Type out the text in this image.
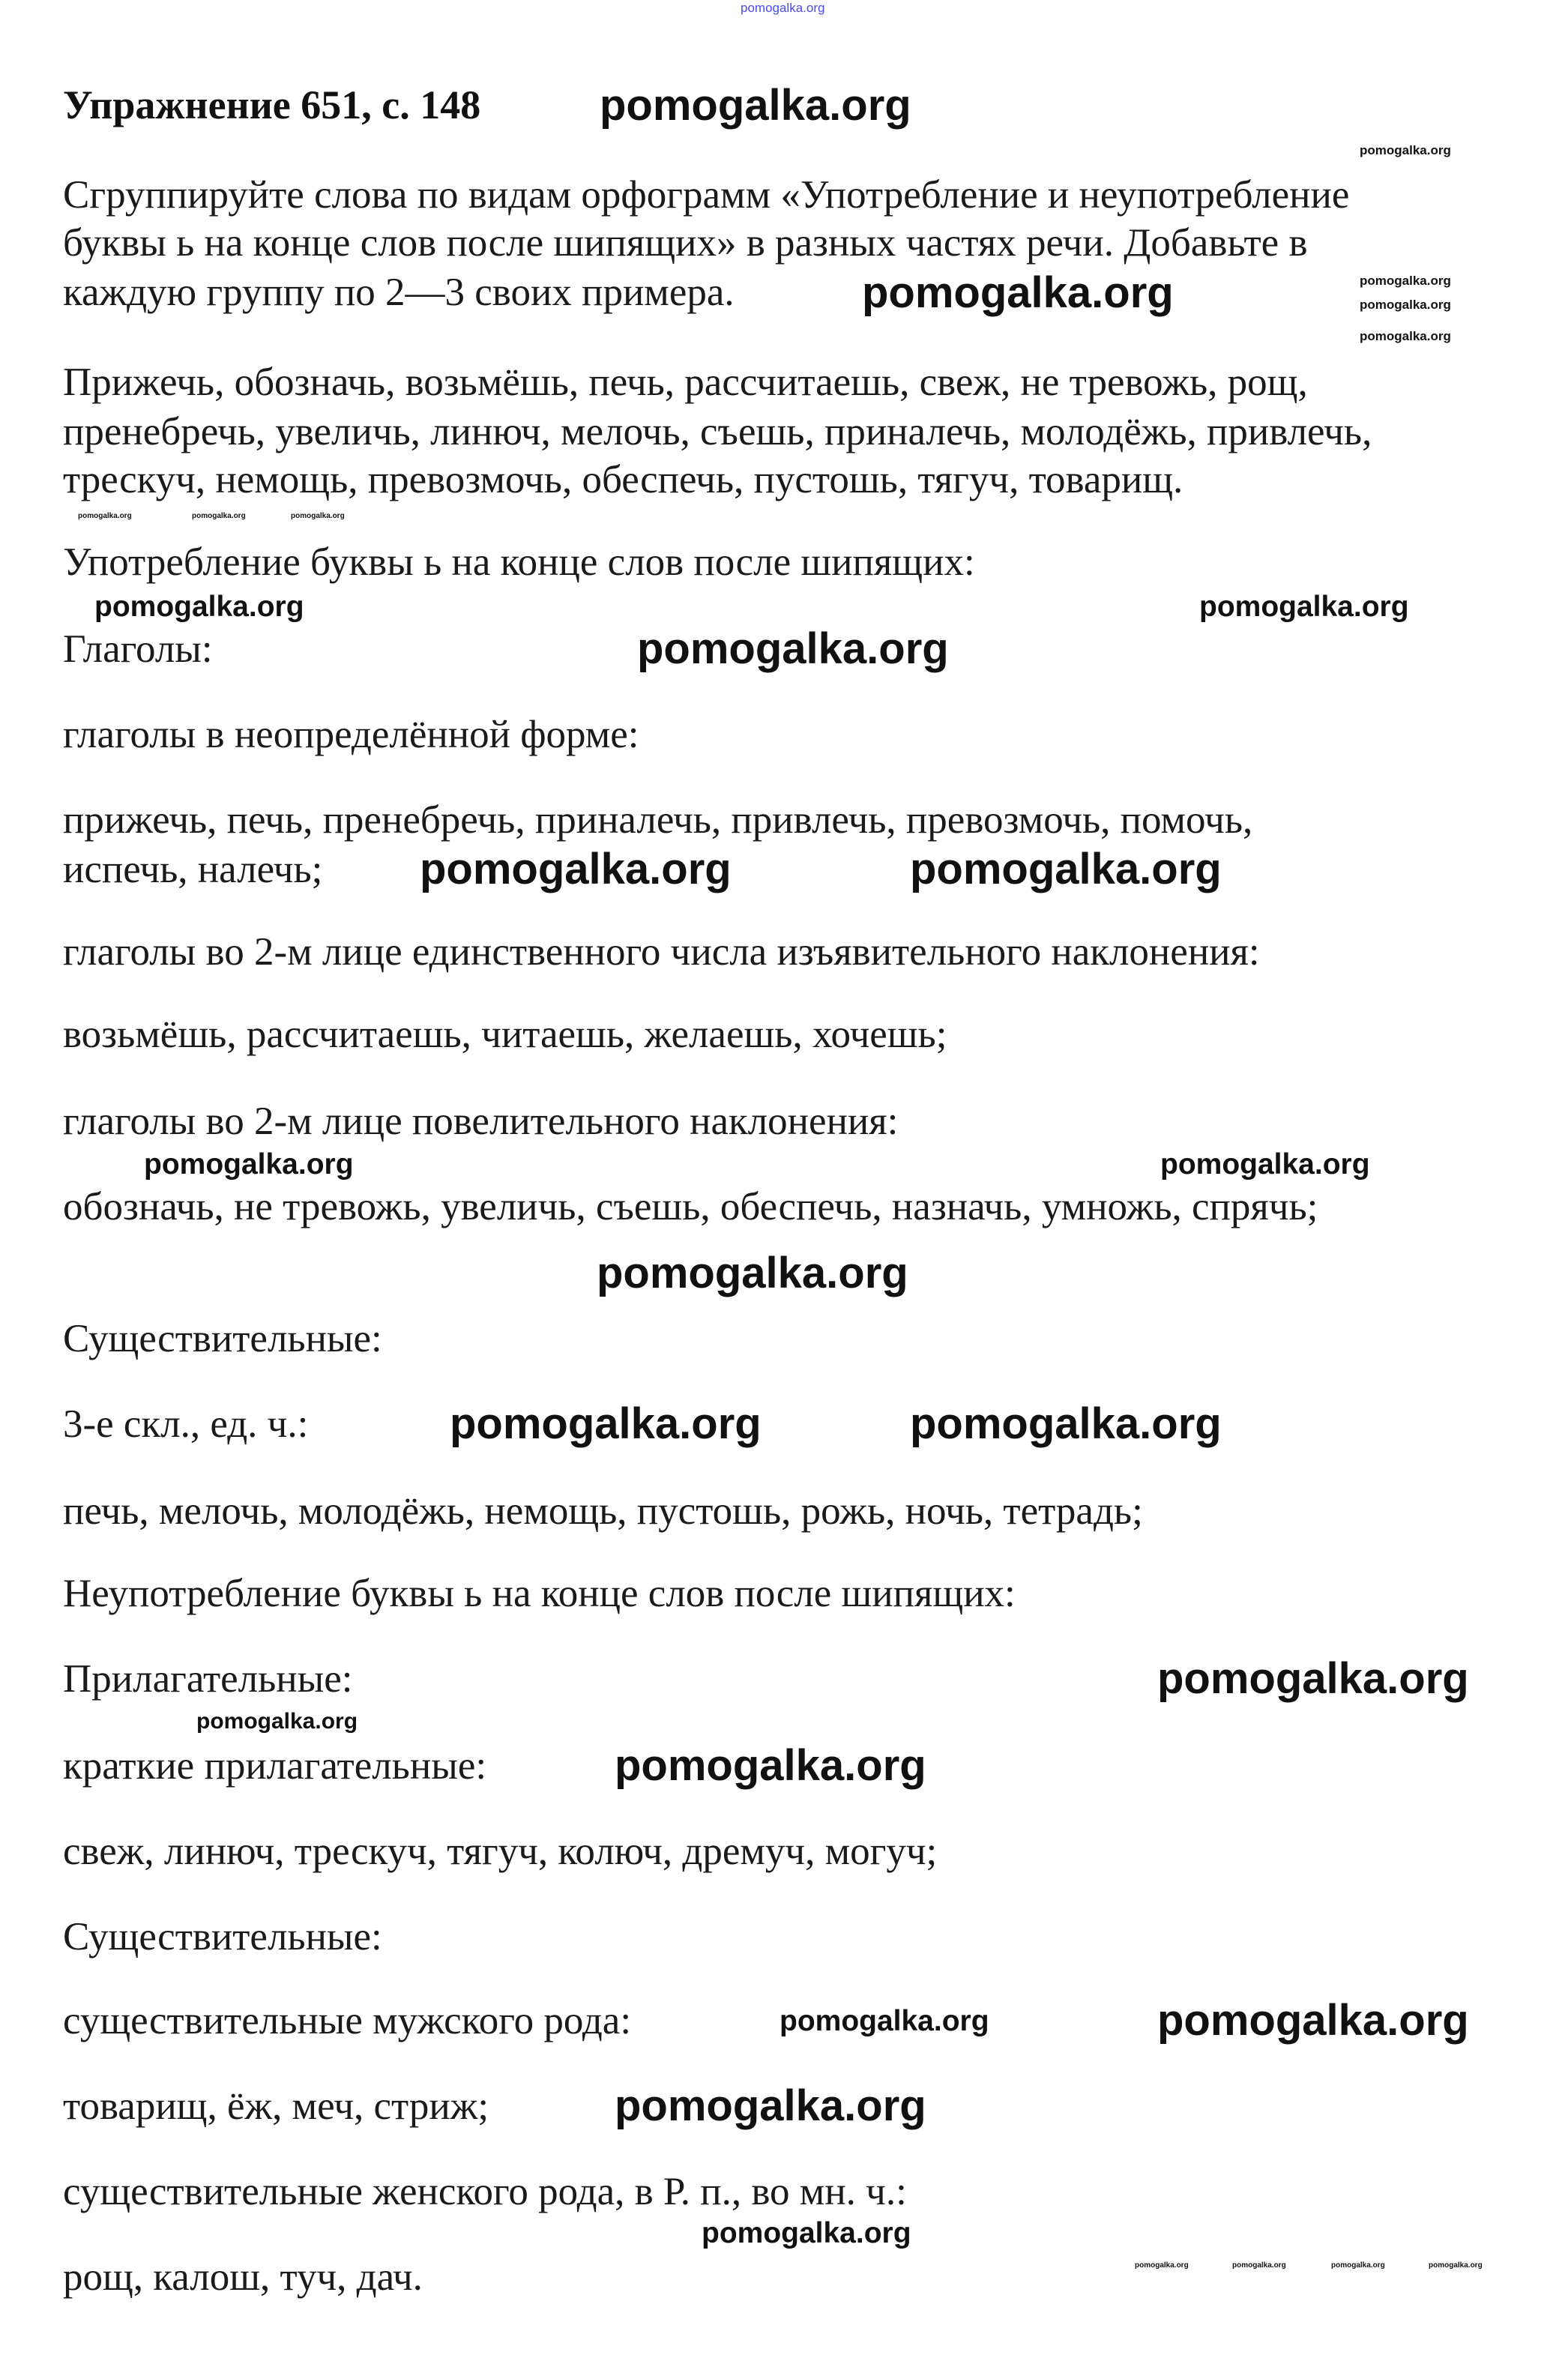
pomogalka.org
Упражнение 651, с. 148
Сгруппируйте слова по видам орфограмм «Употребление и неупотребление
буквы ь на конце слов после шипящих» в разных частях речи. Добавьте в
каждую группу по 2—3 своих примера.
Прижечь, обозначь, возьмёшь, печь, рассчитаешь, свеж, не тревожь, рощ,
пренебречь, увеличь, линюч, мелочь, съешь, приналечь, молодёжь, привлечь,
трескуч, немощь, превозмочь, обеспечь, пустошь, тягуч, товарищ.
Употребление буквы ь на конце слов после шипящих:
Глаголы:
глаголы в неопределённой форме:
прижечь, печь, пренебречь, приналечь, привлечь, превозмочь, помочь,
испечь, налечь;
глаголы во 2-м лице единственного числа изъявительного наклонения:
возьмёшь, рассчитаешь, читаешь, желаешь, хочешь;
глаголы во 2-м лице повелительного наклонения:
обозначь, не тревожь, увеличь, съешь, обеспечь, назначь, умножь, спрячь;
Существительные:
3-е скл., ед. ч.:
печь, мелочь, молодёжь, немощь, пустошь, рожь, ночь, тетрадь;
Неупотребление буквы ь на конце слов после шипящих:
Прилагательные:
краткие прилагательные:
свеж, линюч, трескуч, тягуч, колюч, дремуч, могуч;
Существительные:
существительные мужского рода:
товарищ, ёж, меч, стриж;
существительные женского рода, в Р. п., во мн. ч.:
рощ, калош, туч, дач.
pomogalka.org
pomogalka.org
pomogalka.org
pomogalka.org	pomogalka.org
pomogalka.org	pomogalka.org	pomogalka.org
pomogalka.org
pomogalka.org
pomogalka.org
pomogalka.org
pomogalka.org	pomogalka.org
pomogalka.org
pomogalka.org
pomogalka.org
pomogalka.org
pomogalka.org
pomogalka.org
pomogalka.org
pomogalka.org
pomogalka.org
pomogalka.org
pomogalka.org
pomogalka.org
pomogalka.org	pomogalka.org	pomogalka.org	pomogalka.org
